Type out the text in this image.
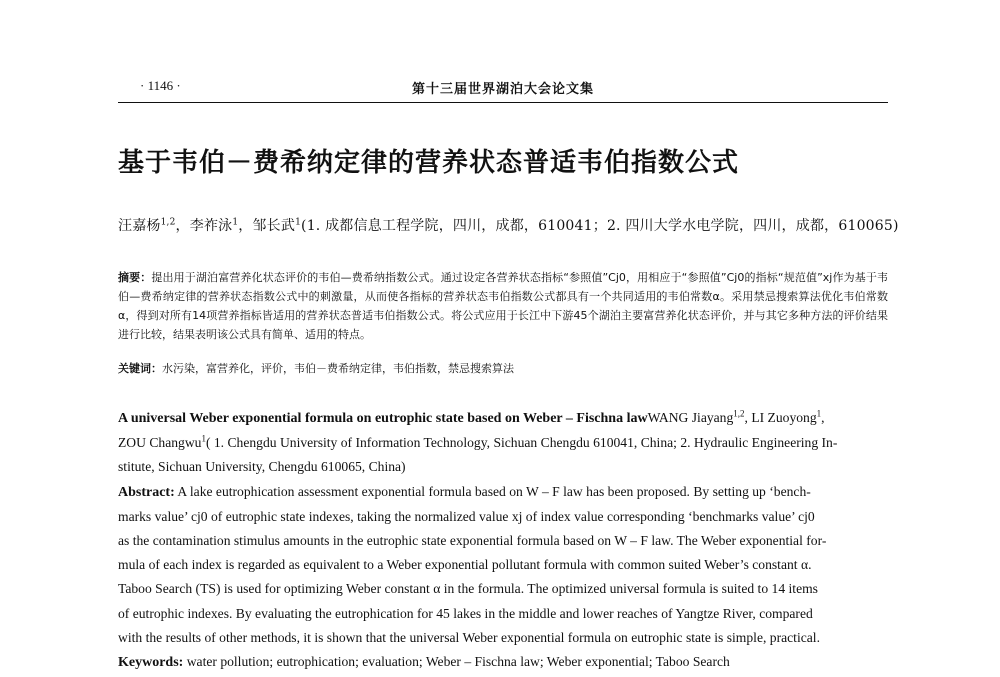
· 1146 ·	第十三届世界湖泊大会论文集
基于韦伯－费希纳定律的营养状态普适韦伯指数公式
汪嘉杨$^{1,2}$，李祚泳$^1$，邹长武$^1$(1. 成都信息工程学院，四川，成都，610041；2. 四川大学水电学院，四川，成都，610065)
摘要：提出用于湖泊富营养化状态评价的韦伯—费希纳指数公式。通过设定各营养状态指标“参照值”Cj0，用相应于“参照值”Cj0的指标“规范值”xj作为基于韦伯—费希纳定律的营养状态指数公式中的刺激量，从而使各指标的营养状态韦伯指数公式都具有一个共同适用的韦伯常数α。采用禁忌搜索算法优化韦伯常数α，得到对所有14项营养指标皆适用的营养状态普适韦伯指数公式。将公式应用于长江中下游45个湖泊主要富营养化状态评价，并与其它多种方法的评价结果进行比较，结果表明该公式具有简单、适用的特点。
关键词：水污染，富营养化，评价，韦伯－费希纳定律，韦伯指数，禁忌搜索算法
A universal Weber exponential formula on eutrophic state based on Weber – Fischna lawWANG Jiayang$^{1,2}$, LI Zuoyong$^1$,
ZOU Changwu$^1$( 1. Chengdu University of Information Technology, Sichuan Chengdu 610041, China; 2. Hydraulic Engineering In-
stitute, Sichuan University, Chengdu 610065, China)
Abstract: A lake eutrophication assessment exponential formula based on W – F law has been proposed. By setting up ‘bench-
marks value’ cj0 of eutrophic state indexes, taking the normalized value xj of index value corresponding ‘benchmarks value’ cj0
as the contamination stimulus amounts in the eutrophic state exponential formula based on W – F law. The Weber exponential for-
mula of each index is regarded as equivalent to a Weber exponential pollutant formula with common suited Weber’s constant α.
Taboo Search (TS) is used for optimizing Weber constant α in the formula. The optimized universal formula is suited to 14 items
of eutrophic indexes. By evaluating the eutrophication for 45 lakes in the middle and lower reaches of Yangtze River, compared
with the results of other methods, it is shown that the universal Weber exponential formula on eutrophic state is simple, practical.
Keywords: water pollution; eutrophication; evaluation; Weber – Fischna law; Weber exponential; Taboo Search
